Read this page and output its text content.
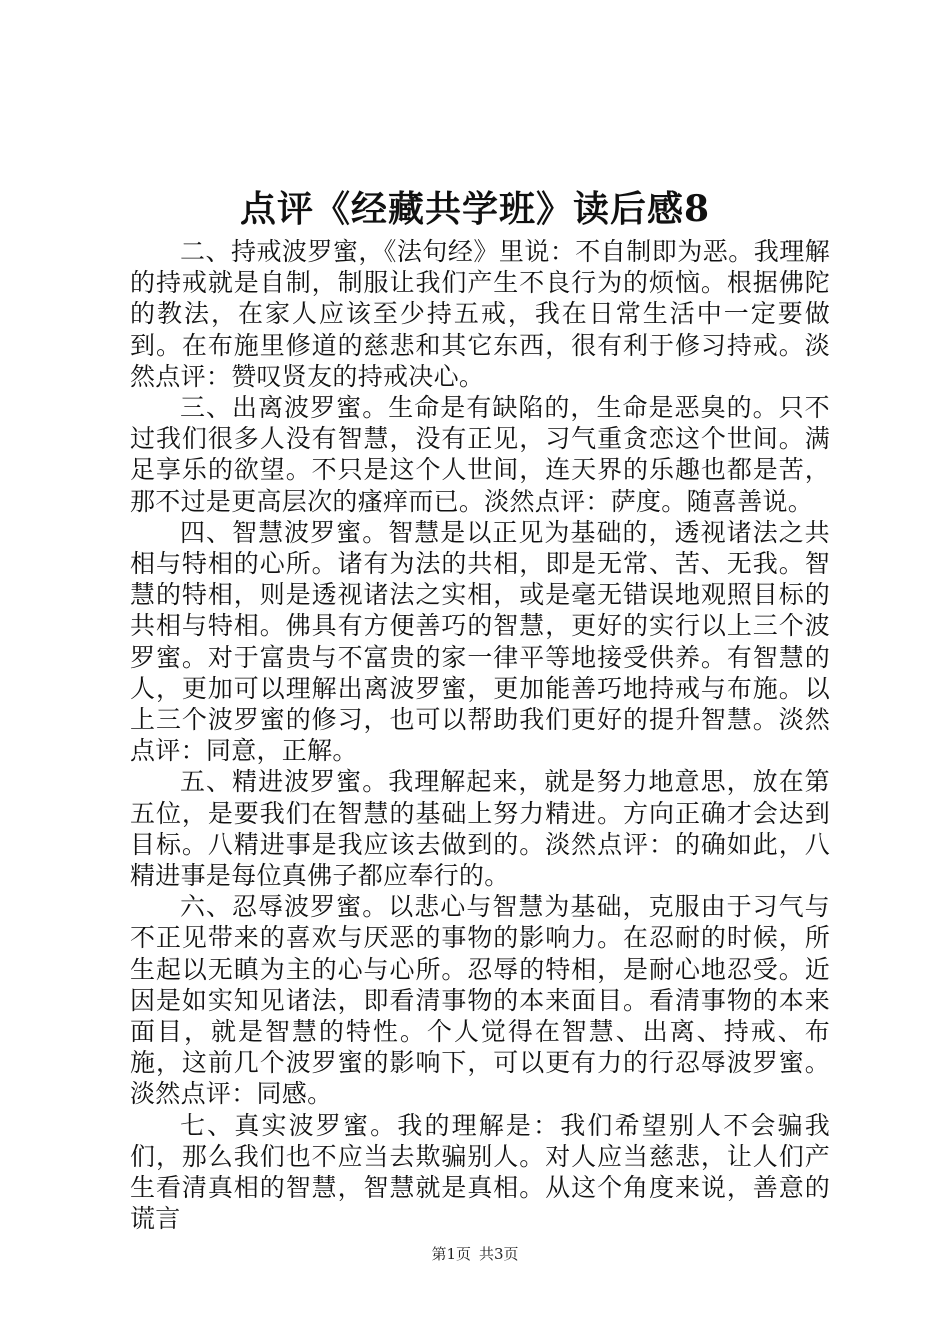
点评《经藏共学班》读后感8

二、持戒波罗蜜，《法句经》里说：不自制即为恶。我理解的持戒就是自制，制服让我们产生不良行为的烦恼。根据佛陀的教法，在家人应该至少持五戒，我在日常生活中一定要做到。在布施里修道的慈悲和其它东西，很有利于修习持戒。淡然点评：赞叹贤友的持戒决心。

三、出离波罗蜜。生命是有缺陷的，生命是恶臭的。只不过我们很多人没有智慧，没有正见，习气重贪恋这个世间。满足享乐的欲望。不只是这个人世间，连天界的乐趣也都是苦，那不过是更高层次的瘙痒而已。淡然点评：萨度。随喜善说。

四、智慧波罗蜜。智慧是以正见为基础的，透视诸法之共相与特相的心所。诸有为法的共相，即是无常、苦、无我。智慧的特相，则是透视诸法之实相，或是毫无错误地观照目标的共相与特相。佛具有方便善巧的智慧，更好的实行以上三个波罗蜜。对于富贵与不富贵的家一律平等地接受供养。有智慧的人，更加可以理解出离波罗蜜，更加能善巧地持戒与布施。以上三个波罗蜜的修习，也可以帮助我们更好的提升智慧。淡然点评：同意，正解。

五、精进波罗蜜。我理解起来，就是努力地意思，放在第五位，是要我们在智慧的基础上努力精进。方向正确才会达到目标。八精进事是我应该去做到的。淡然点评：的确如此，八精进事是每位真佛子都应奉行的。

六、忍辱波罗蜜。以悲心与智慧为基础，克服由于习气与不正见带来的喜欢与厌恶的事物的影响力。在忍耐的时候，所生起以无瞋为主的心与心所。忍辱的特相，是耐心地忍受。近因是如实知见诸法，即看清事物的本来面目。看清事物的本来面目，就是智慧的特性。个人觉得在智慧、出离、持戒、布施，这前几个波罗蜜的影响下，可以更有力的行忍辱波罗蜜。淡然点评：同感。

七、真实波罗蜜。我的理解是：我们希望别人不会骗我们，那么我们也不应当去欺骗别人。对人应当慈悲，让人们产生看清真相的智慧，智慧就是真相。从这个角度来说，善意的谎言

第1页 共3页
